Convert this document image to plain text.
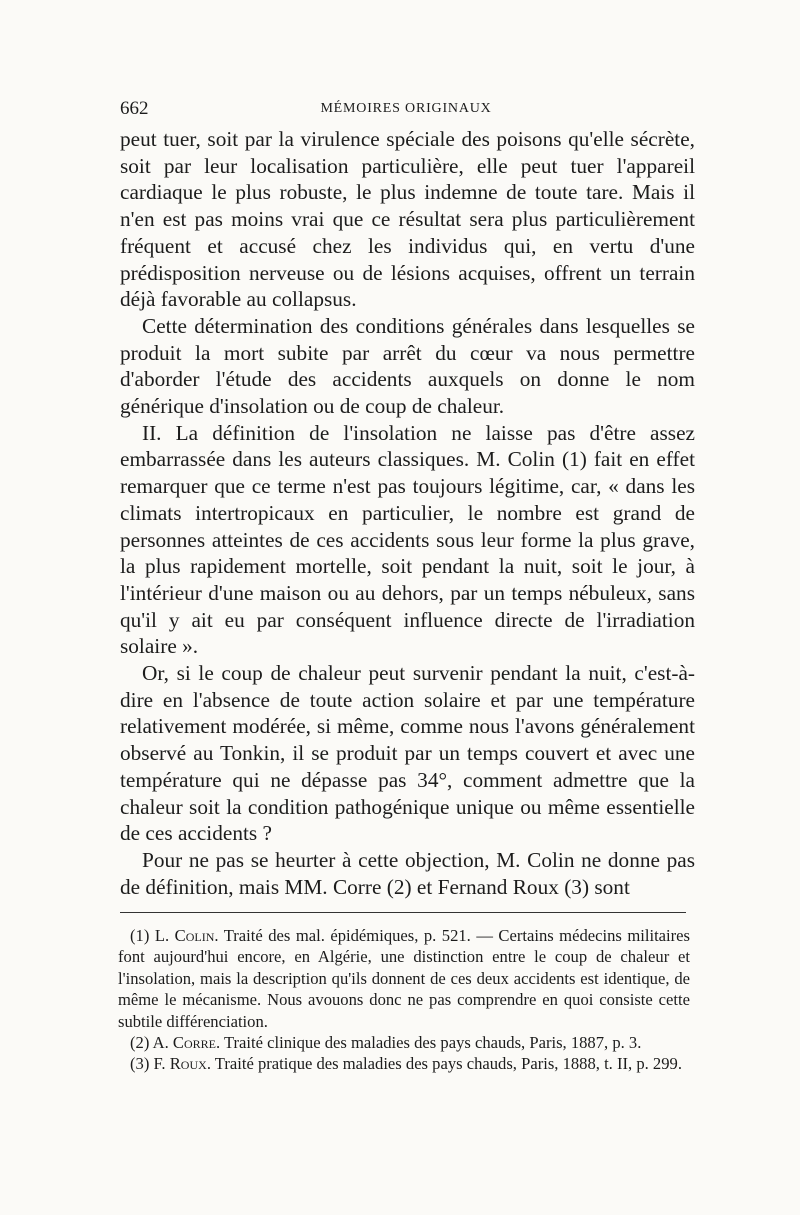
662	MÉMOIRES ORIGINAUX

peut tuer, soit par la virulence spéciale des poisons qu'elle sécrète, soit par leur localisation particulière, elle peut tuer l'appareil cardiaque le plus robuste, le plus indemne de toute tare. Mais il n'en est pas moins vrai que ce résultat sera plus particulièrement fréquent et accusé chez les individus qui, en vertu d'une prédisposition nerveuse ou de lésions acquises, offrent un terrain déjà favorable au collapsus.

Cette détermination des conditions générales dans lesquelles se produit la mort subite par arrêt du cœur va nous permettre d'aborder l'étude des accidents auxquels on donne le nom générique d'insolation ou de coup de chaleur.

II. La définition de l'insolation ne laisse pas d'être assez embarrassée dans les auteurs classiques. M. Colin (1) fait en effet remarquer que ce terme n'est pas toujours légitime, car, « dans les climats intertropicaux en particulier, le nombre est grand de personnes atteintes de ces accidents sous leur forme la plus grave, la plus rapidement mortelle, soit pendant la nuit, soit le jour, à l'intérieur d'une maison ou au dehors, par un temps nébuleux, sans qu'il y ait eu par conséquent influence directe de l'irradiation solaire ».

Or, si le coup de chaleur peut survenir pendant la nuit, c'est-à-dire en l'absence de toute action solaire et par une température relativement modérée, si même, comme nous l'avons généralement observé au Tonkin, il se produit par un temps couvert et avec une température qui ne dépasse pas 34°, comment admettre que la chaleur soit la condition pathogénique unique ou même essentielle de ces accidents ?

Pour ne pas se heurter à cette objection, M. Colin ne donne pas de définition, mais MM. Corre (2) et Fernand Roux (3) sont

(1) L. Colin. Traité des mal. épidémiques, p. 521. — Certains médecins militaires font aujourd'hui encore, en Algérie, une distinction entre le coup de chaleur et l'insolation, mais la description qu'ils donnent de ces deux accidents est identique, de même le mécanisme. Nous avouons donc ne pas comprendre en quoi consiste cette subtile différenciation.

(2) A. Corre. Traité clinique des maladies des pays chauds, Paris, 1887, p. 3.

(3) F. Roux. Traité pratique des maladies des pays chauds, Paris, 1888, t. II, p. 299.
